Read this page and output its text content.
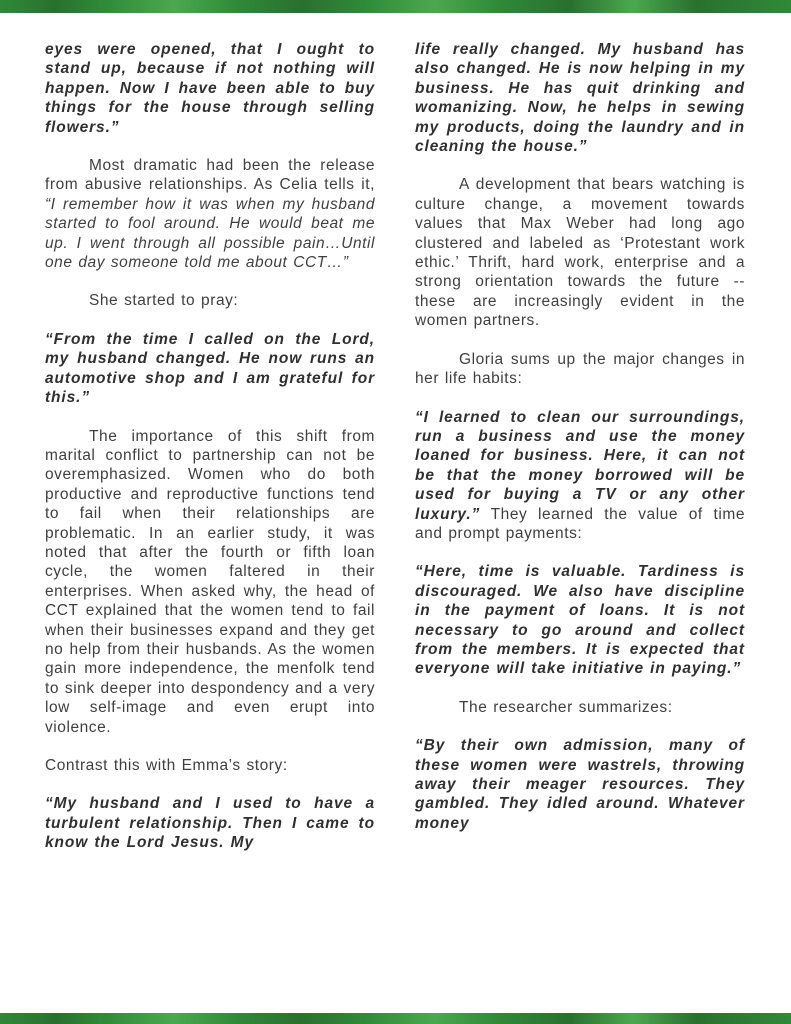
eyes were opened, that I ought to stand up, because if not nothing will happen. Now I have been able to buy things for the house through selling flowers.”

Most dramatic had been the release from abusive relationships. As Celia tells it, “I remember how it was when my husband started to fool around. He would beat me up. I went through all possible pain…Until one day someone told me about CCT…”

She started to pray:

“From the time I called on the Lord, my husband changed. He now runs an automotive shop and I am grateful for this.”

The importance of this shift from marital conflict to partnership can not be overemphasized. Women who do both productive and reproductive functions tend to fail when their relationships are problematic. In an earlier study, it was noted that after the fourth or fifth loan cycle, the women faltered in their enterprises. When asked why, the head of CCT explained that the women tend to fail when their businesses expand and they get no help from their husbands. As the women gain more independence, the menfolk tend to sink deeper into despondency and a very low self-image and even erupt into violence.

Contrast this with Emma’s story:

“My husband and I used to have a turbulent relationship. Then I came to know the Lord Jesus. My

life really changed. My husband has also changed. He is now helping in my business. He has quit drinking and womanizing. Now, he helps in sewing my products, doing the laundry and in cleaning the house.”

A development that bears watching is culture change, a movement towards values that Max Weber had long ago clustered and labeled as ‘Protestant work ethic.’ Thrift, hard work, enterprise and a strong orientation towards the future -- these are increasingly evident in the women partners.

Gloria sums up the major changes in her life habits:

“I learned to clean our surroundings, run a business and use the money loaned for business. Here, it can not be that the money borrowed will be used for buying a TV or any other luxury.” They learned the value of time and prompt payments:

“Here, time is valuable. Tardiness is discouraged. We also have discipline in the payment of loans. It is not necessary to go around and collect from the members. It is expected that everyone will take initiative in paying.”

The researcher summarizes:

“By their own admission, many of these women were wastrels, throwing away their meager resources. They gambled. They idled around. Whatever money
